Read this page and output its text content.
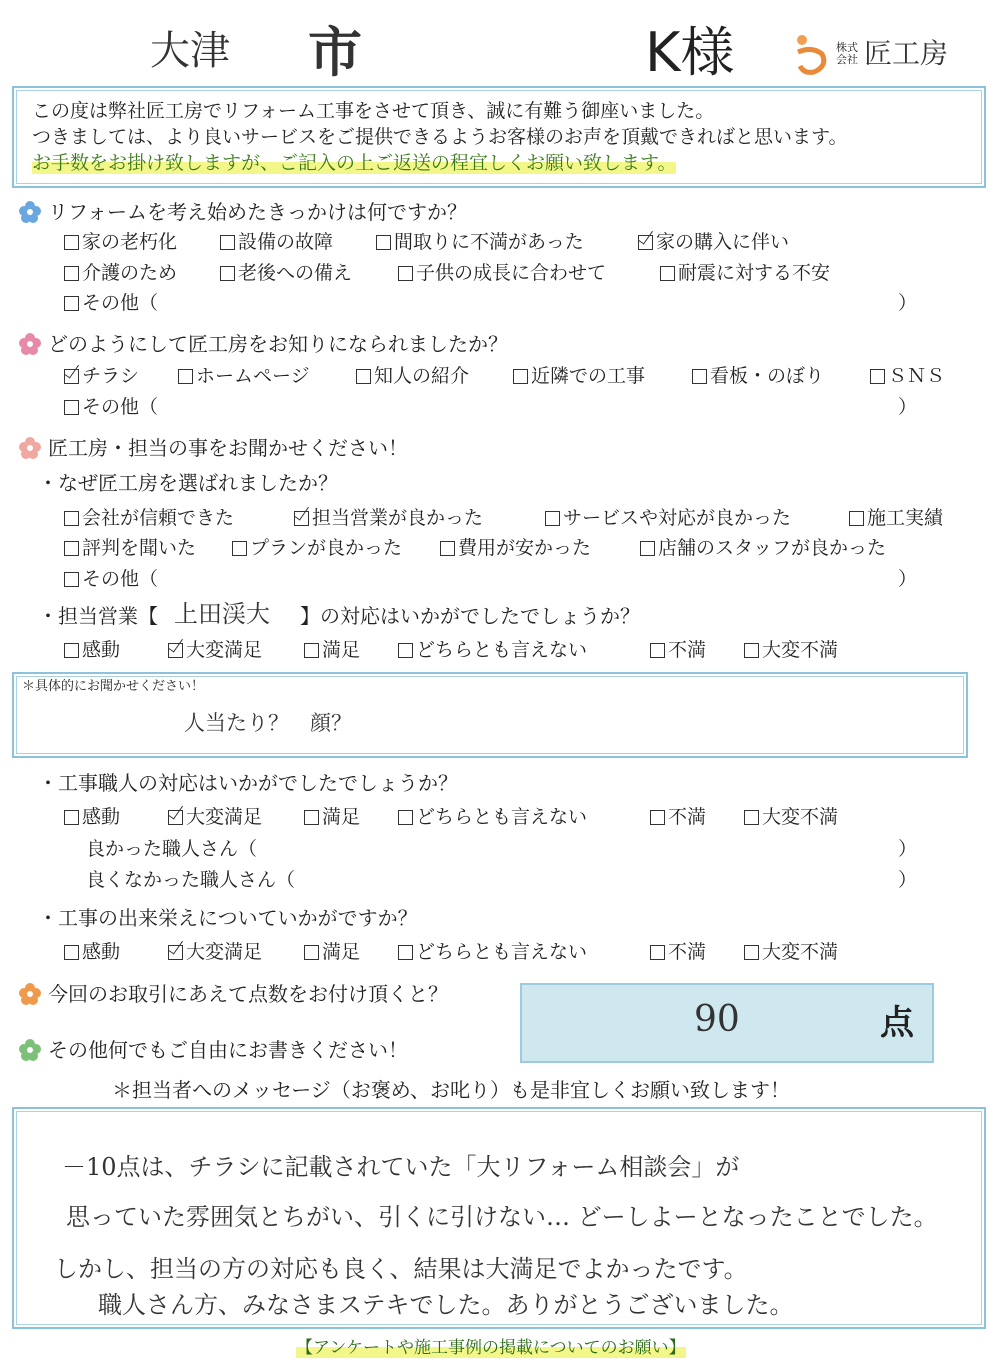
大津 市	K様	株式会社 匠工房
この度は弊社匠工房でリフォーム工事をさせて頂き、誠に有難う御座いました。
つきましては、より良いサービスをご提供できるようお客様のお声を頂戴できればと思います。
お手数をお掛け致しますが、ご記入の上ご返送の程宜しくお願い致します。
リフォームを考え始めたきっかけは何ですか？
家の老朽化	設備の故障	間取りに不満があった	家の購入に伴い
介護のため	老後への備え	子供の成長に合わせて	耐震に対する不安
その他（	）
どのようにして匠工房をお知りになられましたか？
チラシ	ホームページ	知人の紹介	近隣での工事	看板・のぼり	ＳＮＳ
その他（	）
匠工房・担当の事をお聞かせください！
・なぜ匠工房を選ばれましたか？
会社が信頼できた	担当営業が良かった	サービスや対応が良かった	施工実績
評判を聞いた	プランが良かった	費用が安かった	店舗のスタッフが良かった
その他（	）
・担当営業【 上田渓大 】の対応はいかがでしたでしょうか？
感動	大変満足	満足	どちらとも言えない	不満	大変不満
＊具体的にお聞かせください！
人当たり？　顔？
・工事職人の対応はいかがでしたでしょうか？
感動	大変満足	満足	どちらとも言えない	不満	大変不満
良かった職人さん（	）
良くなかった職人さん（	）
・工事の出来栄えについていかがですか？
感動	大変満足	満足	どちらとも言えない	不満	大変不満
今回のお取引にあえて点数をお付け頂くと？
90	点
その他何でもご自由にお書きください！
＊担当者へのメッセージ（お褒め、お叱り）も是非宜しくお願い致します！
－10点は、チラシに記載されていた「大リフォーム相談会」が
思っていた雰囲気とちがい、引くに引けない… どーしよーとなったことでした。
しかし、担当の方の対応も良く、結果は大満足でよかったです。
職人さん方、みなさまステキでした。ありがとうございました。
【アンケートや施工事例の掲載についてのお願い】
